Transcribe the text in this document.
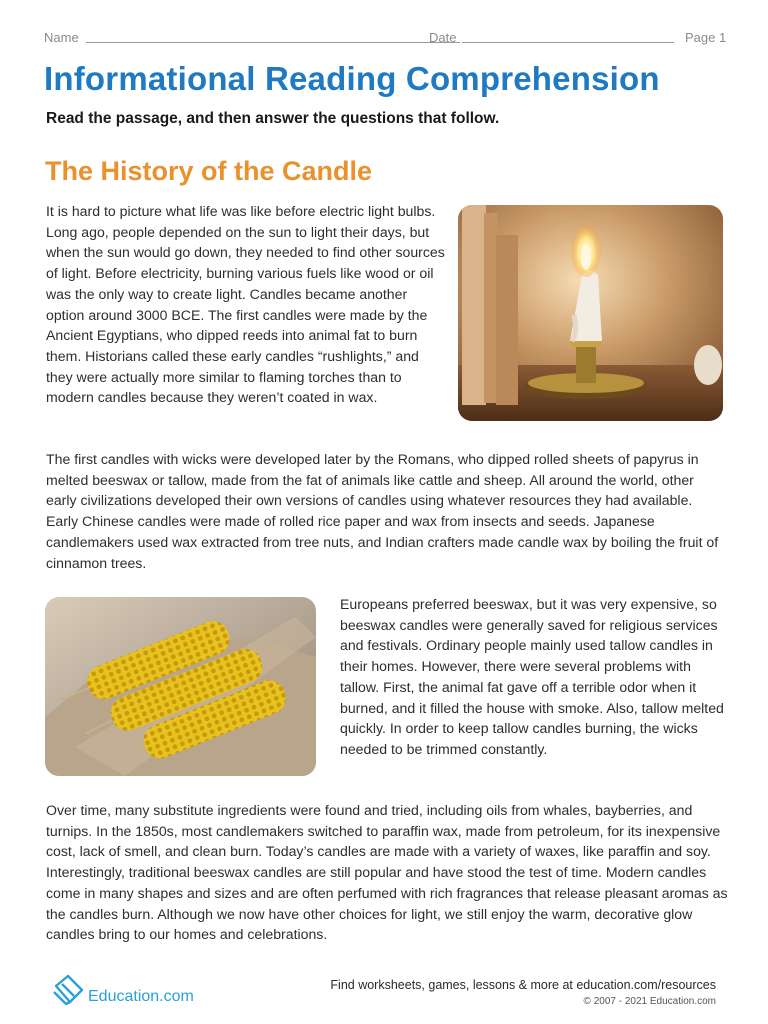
Name	Date	Page 1
Informational Reading Comprehension

Read the passage, and then answer the questions that follow.

The History of the Candle

It is hard to picture what life was like before electric light bulbs. Long ago, people depended on the sun to light their days, but when the sun would go down, they needed to find other sources of light. Before electricity, burning various fuels like wood or oil was the only way to create light. Candles became another option around 3000 BCE. The first candles were made by the Ancient Egyptians, who dipped reeds into animal fat to burn them. Historians called these early candles “rushlights,” and they were actually more similar to flaming torches than to modern candles because they weren’t coated in wax.

The first candles with wicks were developed later by the Romans, who dipped rolled sheets of papyrus in melted beeswax or tallow, made from the fat of animals like cattle and sheep. All around the world, other early civilizations developed their own versions of candles using whatever resources they had available. Early Chinese candles were made of rolled rice paper and wax from insects and seeds. Japanese candlemakers used wax extracted from tree nuts, and Indian crafters made candle wax by boiling the fruit of cinnamon trees.

Europeans preferred beeswax, but it was very expensive, so beeswax candles were generally saved for religious services and festivals. Ordinary people mainly used tallow candles in their homes. However, there were several problems with tallow. First, the animal fat gave off a terrible odor when it burned, and it filled the house with smoke. Also, tallow melted quickly. In order to keep tallow candles burning, the wicks needed to be trimmed constantly.

Over time, many substitute ingredients were found and tried, including oils from whales, bayberries, and turnips. In the 1850s, most candlemakers switched to paraffin wax, made from petroleum, for its inexpensive cost, lack of smell, and clean burn. Today’s candles are made with a variety of waxes, like paraffin and soy. Interestingly, traditional beeswax candles are still popular and have stood the test of time. Modern candles come in many shapes and sizes and are often perfumed with rich fragrances that release pleasant aromas as the candles burn. Although we now have other choices for light, we still enjoy the warm, decorative glow candles bring to our homes and celebrations.

Education.com
Find worksheets, games, lessons & more at education.com/resources
© 2007 - 2021 Education.com
